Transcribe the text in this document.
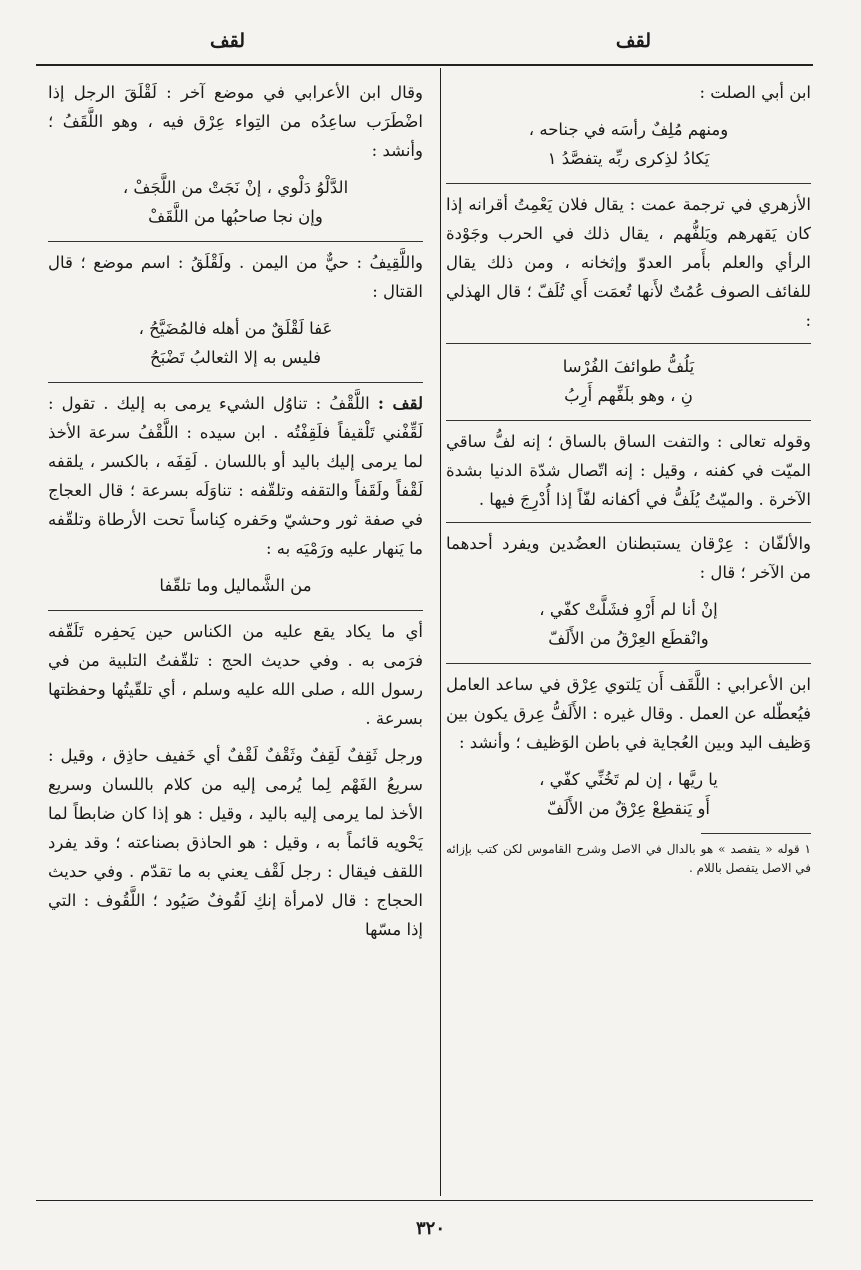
لقف
لقف

ابن أبي الصلت :

ومنهم مُلِفٌ رأسَه في جناحه ،
يَكادُ لذِكرى ربِّه يتفصَّدُ ١

الأزهري في ترجمة عمت : يقال فلان يَعْمِتُ أقرانه إذا كان يَقهرهم ويَلفُّهم ، يقال ذلك في الحرب وجَوْدة الرأي والعلم بأَمر العدوّ وإثخانه ، ومن ذلك يقال للفائف الصوف عُمُتٌ لأَنها تُعمَت أَي تُلَفّ ؛ قال الهذلي :

يَلُفُّ طوائفَ الفُرْسا
نِ ، وهو بلَفِّهم أَرِبُ

وقوله تعالى : والتفت الساق بالساق ؛ إنه لفُّ ساقي الميّت في كفنه ، وقيل : إنه اتّصال شدّة الدنيا بشدة الآخرة . والميّتُ يُلَفُّ في أكفانه لفّاً إذا أُدْرِجَ فيها .

والألفّان : عِرْقان يستبطنان العضُدين ويفرد أحدهما من الآخر ؛ قال :

إنْ أنا لم أَرْوِ فشَلَّتْ كفّي ،
وانْقطَع العِرْقُ من الأَلَفّ

ابن الأعرابي : اللَّقَف أَن يَلتوي عِرْق في ساعد العامل فيُعطّله عن العمل . وقال غيره : الأَلَفُّ عِرق يكون بين وَظيف اليد وبين العُجاية في باطن الوَظيف ؛ وأنشد :

يا ريَّها ، إن لم تَخُنِّي كفّي ،
أَو يَنقطِعْ عِرْقٌ من الأَلَفّ
١ قوله « يتفصد » هو بالدال في الاصل وشرح القاموس لكن كتب بإزائه في الاصل يتفصل باللام .

وقال ابن الأعرابي في موضع آخر : لَقْلَقَ الرجل إذا اضْطَرَب ساعِدُه من التِواء عِرْق فيه ، وهو اللَّقَفُ ؛ وأنشد :

الدَّلْوُ دَلْوي ، إنْ نَجَتْ من اللَّجَفْ ،
وإن نجا صاحبُها من اللَّقَفْ

واللَّقِيفُ : حيٌّ من اليمن . ولَقْلَقُ : اسم موضع ؛ قال القتال :

عَفا لَقْلَقٌ من أهله فالمُضَيَّحُ ،
فليس به إلا الثعالبُ تَضْبَحُ

لقف : اللَّقْفُ : تناوُل الشيء يرمى به إليك . تقول : لَقِّفْني تَلْقيفاً فلَقِفْتُه . ابن سيده : اللَّقْفُ سرعة الأخذ لما يرمى إليك باليد أو باللسان . لَقِفَه ، بالكسر ، يلقفه لَقْفاً ولَقَفاً والتقفه وتلقّفه : تناوَلَه بسرعة ؛ قال العجاج في صفة ثور وحشيّ وحَفره كِناساً تحت الأرطاة وتلقّفه ما يَنهار عليه ورَمْيَه به :

من الشَّماليل وما تلقّفا

أي ما يكاد يقع عليه من الكناس حين يَحفِره تَلَقّفه فرَمى به . وفي حديث الحج : تلقّفتُ التلبية من في رسول الله ، صلى الله عليه وسلم ، أي تلقّيتُها وحفظتها بسرعة .

ورجل ثَقِفٌ لَقِفٌ وثَقْفٌ لَقْفٌ أي خَفيف حاذِق ، وقيل : سريعُ الفَهْم لِما يُرمى إليه من كلام باللسان وسريع الأخذ لما يرمى إليه باليد ، وقيل : هو إذا كان ضابطاً لما يَحْويه قائماً به ، وقيل : هو الحاذق بصناعته ؛ وقد يفرد اللقف فيقال : رجل لَقْف يعني به ما تقدّم . وفي حديث الحجاج : قال لامرأة إنكِ لَقُوفٌ صَيُود ؛ اللَّقُوف : التي إذا مسّها

٣٢٠
